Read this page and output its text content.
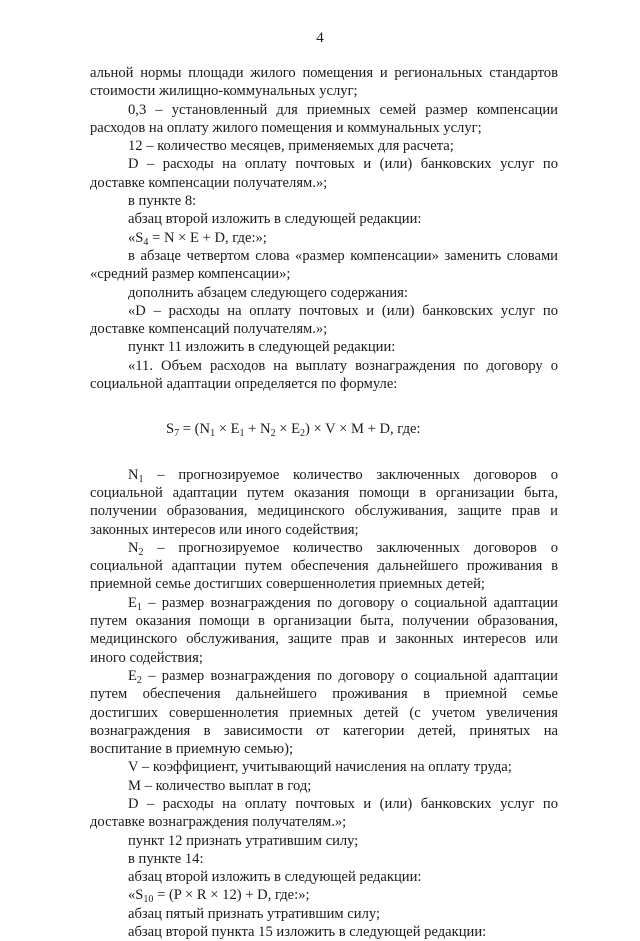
4

альной нормы площади жилого помещения и региональных стандартов стоимости жилищно-коммунальных услуг;

0,3 – установленный для приемных семей размер компенсации расходов на оплату жилого помещения и коммунальных услуг;

12 – количество месяцев, применяемых для расчета;

D – расходы на оплату почтовых и (или) банковских услуг по доставке компенсации получателям.»;

в пункте 8:

абзац второй изложить в следующей редакции:

«$S_4 = N \times E + D$, где:»;

в абзаце четвертом слова «размер компенсации» заменить словами «средний размер компенсации»;

дополнить абзацем следующего содержания:

«D – расходы на оплату почтовых и (или) банковских услуг по доставке компенсаций получателям.»;

пункт 11 изложить в следующей редакции:

«11. Объем расходов на выплату вознаграждения по договору о социальной адаптации определяется по формуле:

$S_7 = (N_1 \times E_1 + N_2 \times E_2) \times V \times M + D$, где:

$N_1$ – прогнозируемое количество заключенных договоров о социальной адаптации путем оказания помощи в организации быта, получении образования, медицинского обслуживания, защите прав и законных интересов или иного содействия;

$N_2$ – прогнозируемое количество заключенных договоров о социальной адаптации путем обеспечения дальнейшего проживания в приемной семье достигших совершеннолетия приемных детей;

$E_1$ – размер вознаграждения по договору о социальной адаптации путем оказания помощи в организации быта, получении образования, медицинского обслуживания, защите прав и законных интересов или иного содействия;

$E_2$ – размер вознаграждения по договору о социальной адаптации путем обеспечения дальнейшего проживания в приемной семье достигших совершеннолетия приемных детей (с учетом увеличения вознаграждения в зависимости от категории детей, принятых на воспитание в приемную семью);

V – коэффициент, учитывающий начисления на оплату труда;

M – количество выплат в год;

D – расходы на оплату почтовых и (или) банковских услуг по доставке вознаграждения получателям.»;

пункт 12 признать утратившим силу;

в пункте 14:

абзац второй изложить в следующей редакции:

«$S_{10} = (P \times R \times 12) + D$, где:»;

абзац пятый признать утратившим силу;

абзац второй пункта 15 изложить в следующей редакции:
